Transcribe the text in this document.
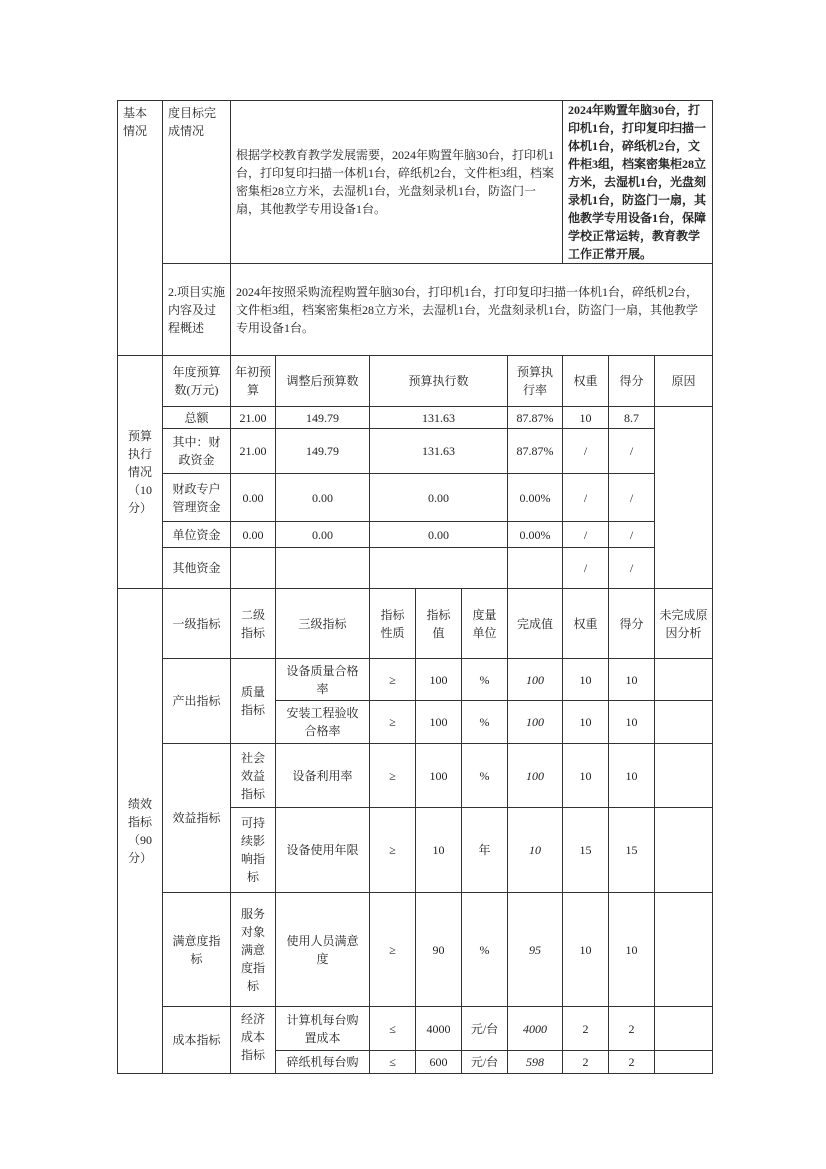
基本情况	度目标完成情况	根据学校教育教学发展需要，2024年购置年脑30台，打印机1台，打印复印扫描一体机1台，碎纸机2台，文件柜3组，档案密集柜28立方米，去湿机1台，光盘刻录机1台，防盗门一扇，其他教学专用设备1台。						2024年购置年脑30台，打印机1台，打印复印扫描一体机1台，碎纸机2台，文件柜3组，档案密集柜28立方米，去湿机1台，光盘刻录机1台，防盗门一扇，其他教学专用设备1台，保障学校正常运转，教育教学工作正常开展。		
	2.项目实施内容及过程概述	2024年按照采购流程购置年脑30台，打印机1台，打印复印扫描一体机1台，碎纸机2台，文件柜3组，档案密集柜28立方米，去湿机1台，光盘刻录机1台，防盗门一扇，其他教学专用设备1台。								
预算执行情况（10分）	年度预算数(万元)	年初预算	调整后预算数	预算执行数			预算执行率	权重	得分	原因
	总额	21.00	149.79	131.63			87.87%	10	8.7	
	其中：财政资金	21.00	149.79	131.63			87.87%	/	/	
	财政专户管理资金	0.00	0.00	0.00			0.00%	/	/	
	单位资金	0.00	0.00	0.00			0.00%	/	/	
	其他资金							/	/	
绩效指标（90分）	一级指标	二级指标	三级指标	指标性质	指标值	度量单位	完成值	权重	得分	未完成原因分析
	产出指标	质量指标	设备质量合格率	≥	100	%	100	10	10	
			安装工程验收合格率	≥	100	%	100	10	10	
	效益指标	社会效益指标	设备利用率	≥	100	%	100	10	10	
		可持续影响指标	设备使用年限	≥	10	年	10	15	15	
	满意度指标	服务对象满意度指标	使用人员满意度	≥	90	%	95	10	10	
	成本指标	经济成本指标	计算机每台购置成本	≤	4000	元/台	4000	2	2	

			碎纸机每台购	≤	600	元/台	598	2	2	
